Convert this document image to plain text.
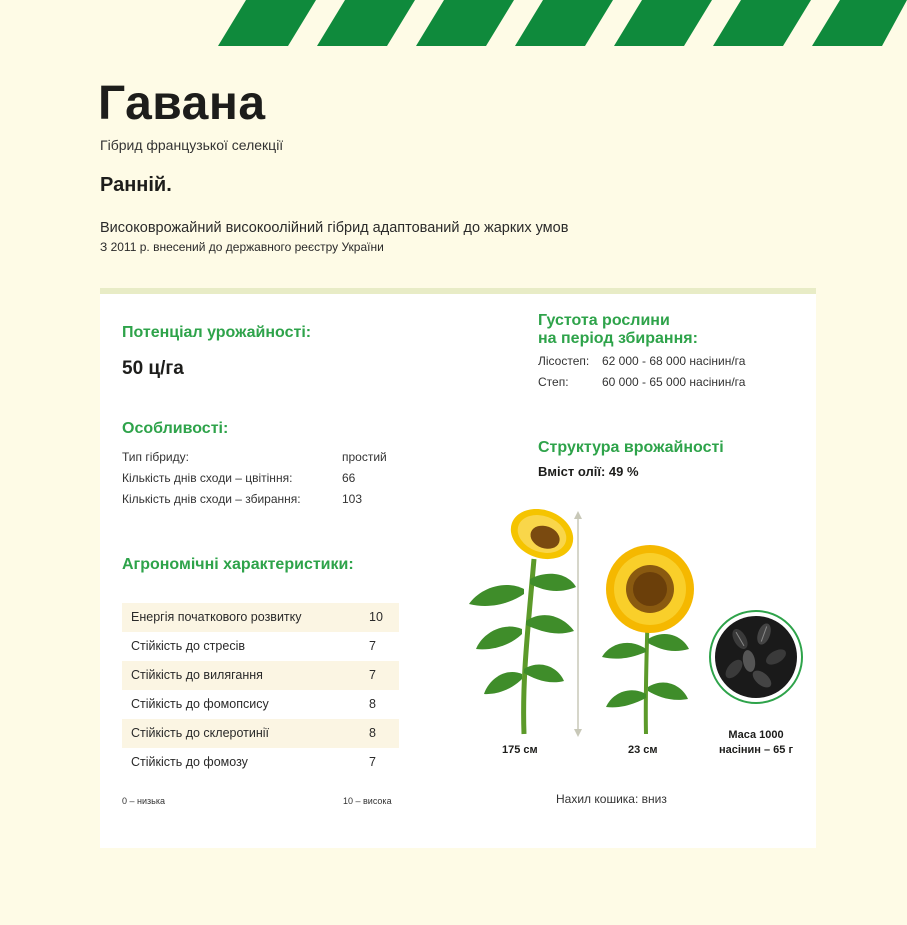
Гавана
Гібрид французької селекції
Ранній.
Високоврожайний високоолійний гібрид адаптований до жарких умов
З 2011 р. внесений до державного реєстру України
Потенціал урожайності:
50 ц/га
Особливості:
Тип гібриду:	простий
Кількість днів сходи – цвітіння:	66
Кількість днів сходи – збирання:	103
Агрономічні характеристики:
Енергія початкового розвитку	10
Стійкість до стресів	7
Стійкість до вилягання	7
Стійкість до фомопсису	8
Стійкість до склеротинії	8
Стійкість до фомозу	7
0 – низька	10 – висока
Густота рослини
на період збирання:
Лісостеп: 62 000 - 68 000 насінин/га
Степ:	60 000 - 65 000 насінин/га
Структура врожайності
Вміст олії: 49 %
175 см	23 см
Маса 1000
насінин – 65 г
Нахил кошика: вниз
